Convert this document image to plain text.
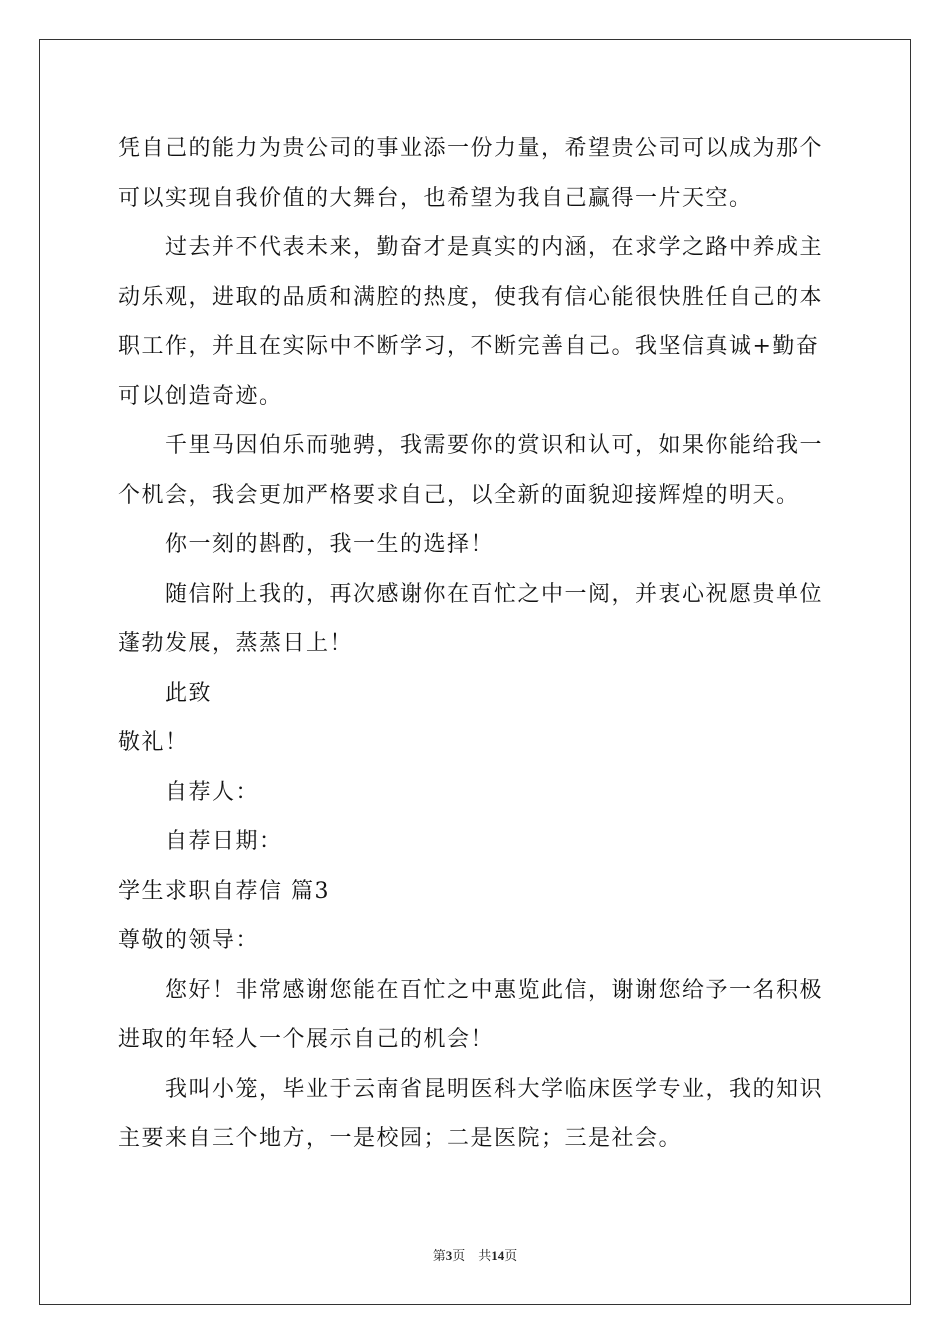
凭自己的能力为贵公司的事业添一份力量，希望贵公司可以成为那个
可以实现自我价值的大舞台，也希望为我自己赢得一片天空。
过去并不代表未来，勤奋才是真实的内涵，在求学之路中养成主
动乐观，进取的品质和满腔的热度，使我有信心能很快胜任自己的本
职工作，并且在实际中不断学习，不断完善自己。我坚信真诚+勤奋
可以创造奇迹。
千里马因伯乐而驰骋，我需要你的赏识和认可，如果你能给我一
个机会，我会更加严格要求自己，以全新的面貌迎接辉煌的明天。
你一刻的斟酌，我一生的选择！
随信附上我的，再次感谢你在百忙之中一阅，并衷心祝愿贵单位
蓬勃发展，蒸蒸日上！
此致
敬礼！
自荐人：
自荐日期：
学生求职自荐信 篇3
尊敬的领导：
您好！非常感谢您能在百忙之中惠览此信，谢谢您给予一名积极
进取的年轻人一个展示自己的机会！
我叫小笼，毕业于云南省昆明医科大学临床医学专业，我的知识
主要来自三个地方，一是校园；二是医院；三是社会。
第3页　共14页
